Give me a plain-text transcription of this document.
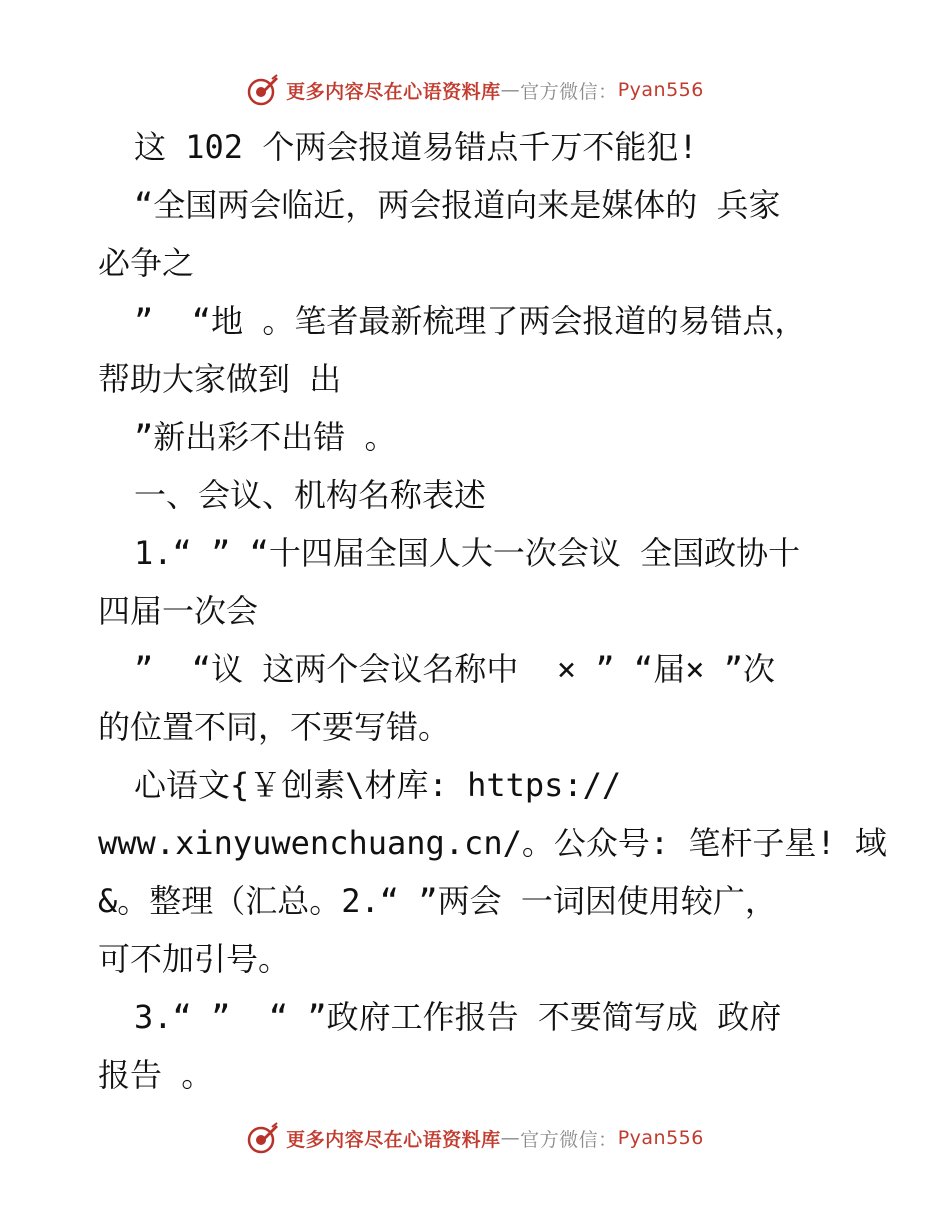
更多内容尽在心语资料库 — 官方微信： Pyan556
这 102 个两会报道易错点千万不能犯!
“全国两会临近，两会报道向来是媒体的 兵家
必争之
”  “地 。笔者最新梳理了两会报道的易错点，
帮助大家做到 出
”新出彩不出错 。
一、会议、机构名称表述
1.“ ” “十四届全国人大一次会议 全国政协十
四届一次会
”  “议 这两个会议名称中  × ” “届× ”次
的位置不同，不要写错。
心语文{￥创素\材库: https://
www.xinyuwenchuang.cn/。公众号: 笔杆子星! 域
&。整理（汇总。2.“ ”两会 一词因使用较广，
可不加引号。
3.“ ”  “ ”政府工作报告 不要简写成 政府
报告 。
更多内容尽在心语资料库 — 官方微信： Pyan556
